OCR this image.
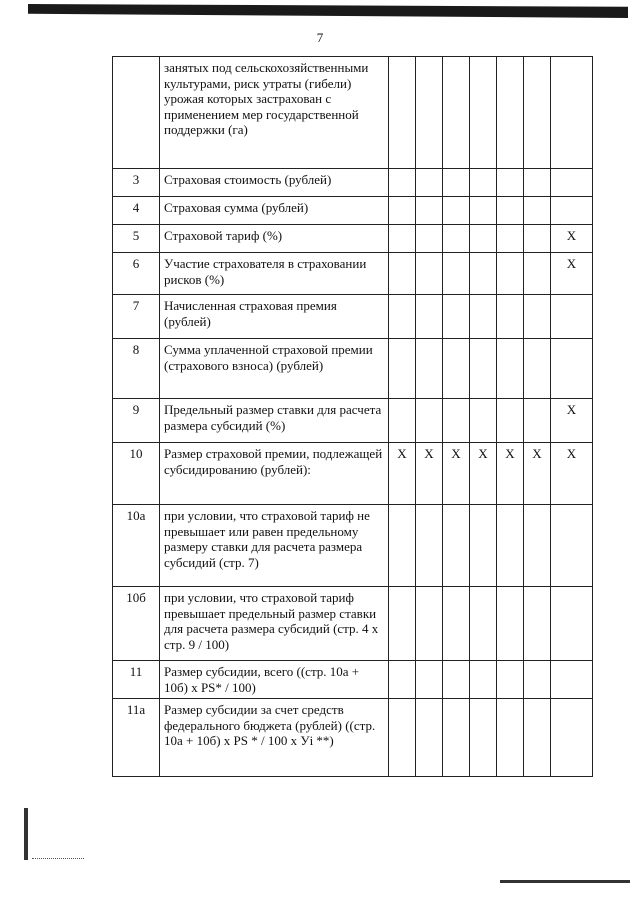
7
	занятых под сельскохозяйственными культурами, риск утраты (гибели) урожая которых застрахован с применением мер государственной поддержки (га)							
3	Страховая стоимость (рублей)							
4	Страховая сумма (рублей)							
5	Страховой тариф (%)							X
6	Участие страхователя в страховании рисков (%)							X
7	Начисленная страховая премия (рублей)							
8	Сумма уплаченной страховой премии (страхового взноса) (рублей)							
9	Предельный размер ставки для расчета размера субсидий (%)							X
10	Размер страховой премии, подлежащей субсидированию (рублей):	X	X	X	X	X	X	X
10а	при условии, что страховой тариф не превышает или равен предельному размеру ставки для расчета размера субсидий (стр. 7)							
10б	при условии, что страховой тариф превышает предельный размер ставки для расчета размера субсидий (стр. 4 х стр. 9 / 100)							
11	Размер субсидии, всего ((стр. 10а + 10б) х PS* / 100)							
11а	Размер субсидии за счет средств федерального бюджета (рублей) ((стр. 10а + 10б) х PS * / 100 х Уi **)							
